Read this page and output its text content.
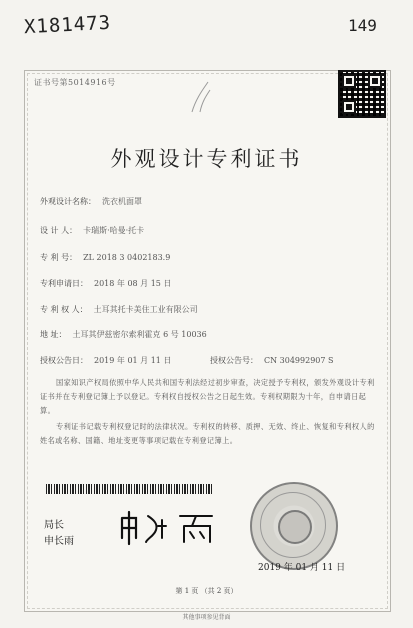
X181473	149
证书号第5014916号
外观设计专利证书
外观设计名称： 洗衣机面罩
设 计 人： 卡瑞斯·哈曼·托卡
专 利 号： ZL 2018 3 0402183.9
专利申请日： 2018 年 08 月 15 日
专 利 权 人： 土耳其托卡美住工业有限公司
地 址： 土耳其伊兹密尔索利霍克 6 号 10036
授权公告日： 2019 年 01 月 11 日	授权公告号： CN 304992907 S
国家知识产权局依照中华人民共和国专利法经过初步审查，决定授予专利权，颁发外观设计专利证书并在专利登记簿上予以登记。专利权自授权公告之日起生效。专利权期限为十年，自申请日起算。
专利证书记载专利权登记时的法律状况。专利权的转移、质押、无效、终止、恢复和专利权人的姓名或名称、国籍、地址变更等事项记载在专利登记簿上。
局长
申长雨
2019 年 01 月 11 日
第 1 页 （共 2 页）
其他事项参见背面
